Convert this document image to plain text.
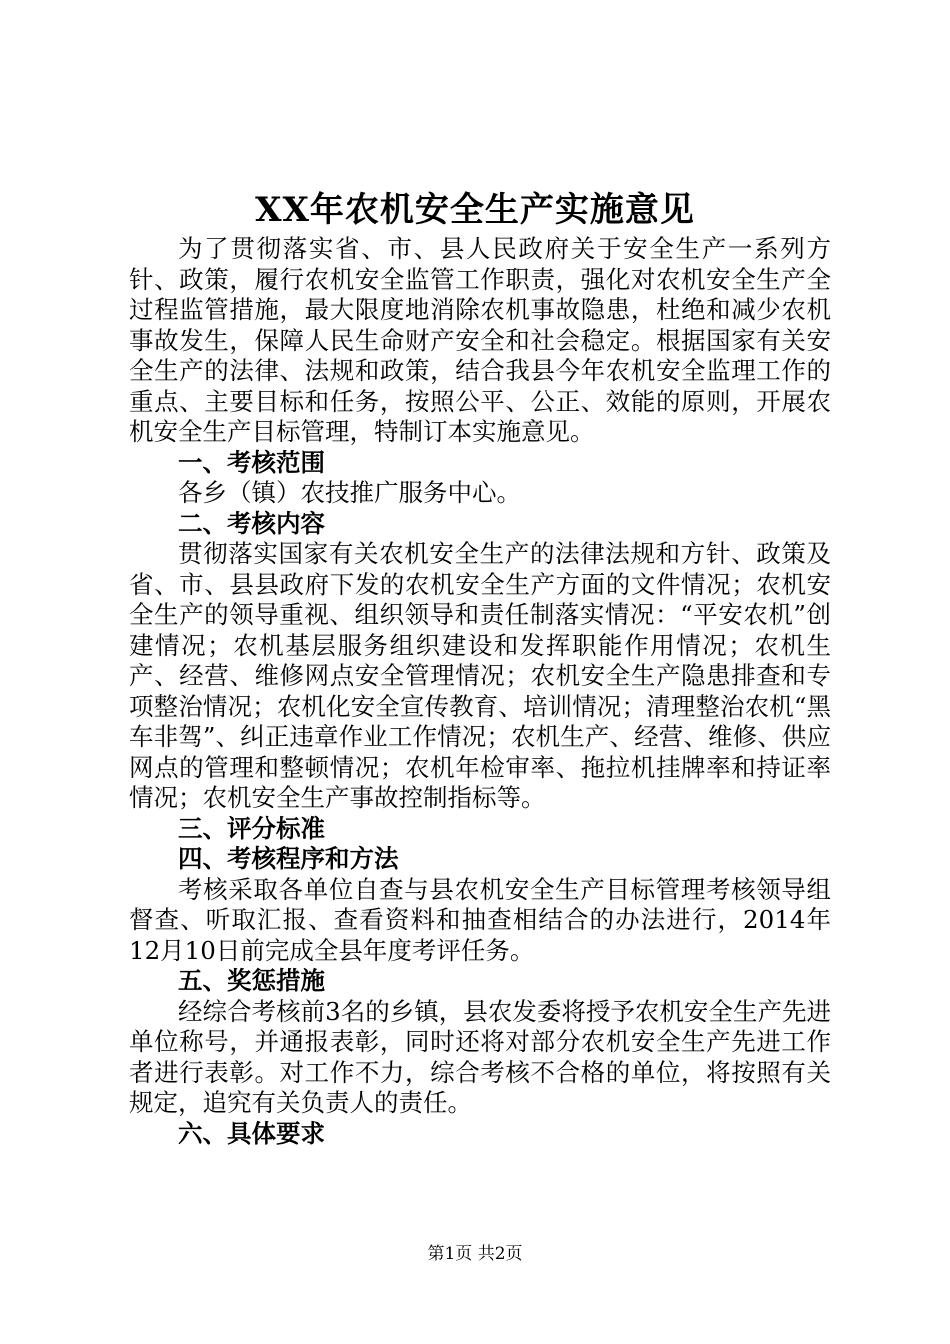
XX年农机安全生产实施意见

为了贯彻落实省、市、县人民政府关于安全生产一系列方针、政策，履行农机安全监管工作职责，强化对农机安全生产全过程监管措施，最大限度地消除农机事故隐患，杜绝和减少农机事故发生，保障人民生命财产安全和社会稳定。根据国家有关安全生产的法律、法规和政策，结合我县今年农机安全监理工作的重点、主要目标和任务，按照公平、公正、效能的原则，开展农机安全生产目标管理，特制订本实施意见。

一、考核范围

各乡（镇）农技推广服务中心。

二、考核内容

贯彻落实国家有关农机安全生产的法律法规和方针、政策及省、市、县县政府下发的农机安全生产方面的文件情况；农机安全生产的领导重视、组织领导和责任制落实情况：“平安农机”创建情况；农机基层服务组织建设和发挥职能作用情况；农机生产、经营、维修网点安全管理情况；农机安全生产隐患排查和专项整治情况；农机化安全宣传教育、培训情况；清理整治农机“黑车非驾”、纠正违章作业工作情况；农机生产、经营、维修、供应网点的管理和整顿情况；农机年检审率、拖拉机挂牌率和持证率情况；农机安全生产事故控制指标等。

三、评分标准

四、考核程序和方法

考核采取各单位自查与县农机安全生产目标管理考核领导组督查、听取汇报、查看资料和抽查相结合的办法进行，2014年12月10日前完成全县年度考评任务。

五、奖惩措施

经综合考核前3名的乡镇，县农发委将授予农机安全生产先进单位称号，并通报表彰，同时还将对部分农机安全生产先进工作者进行表彰。对工作不力，综合考核不合格的单位，将按照有关规定，追究有关负责人的责任。

六、具体要求

第1页 共2页
